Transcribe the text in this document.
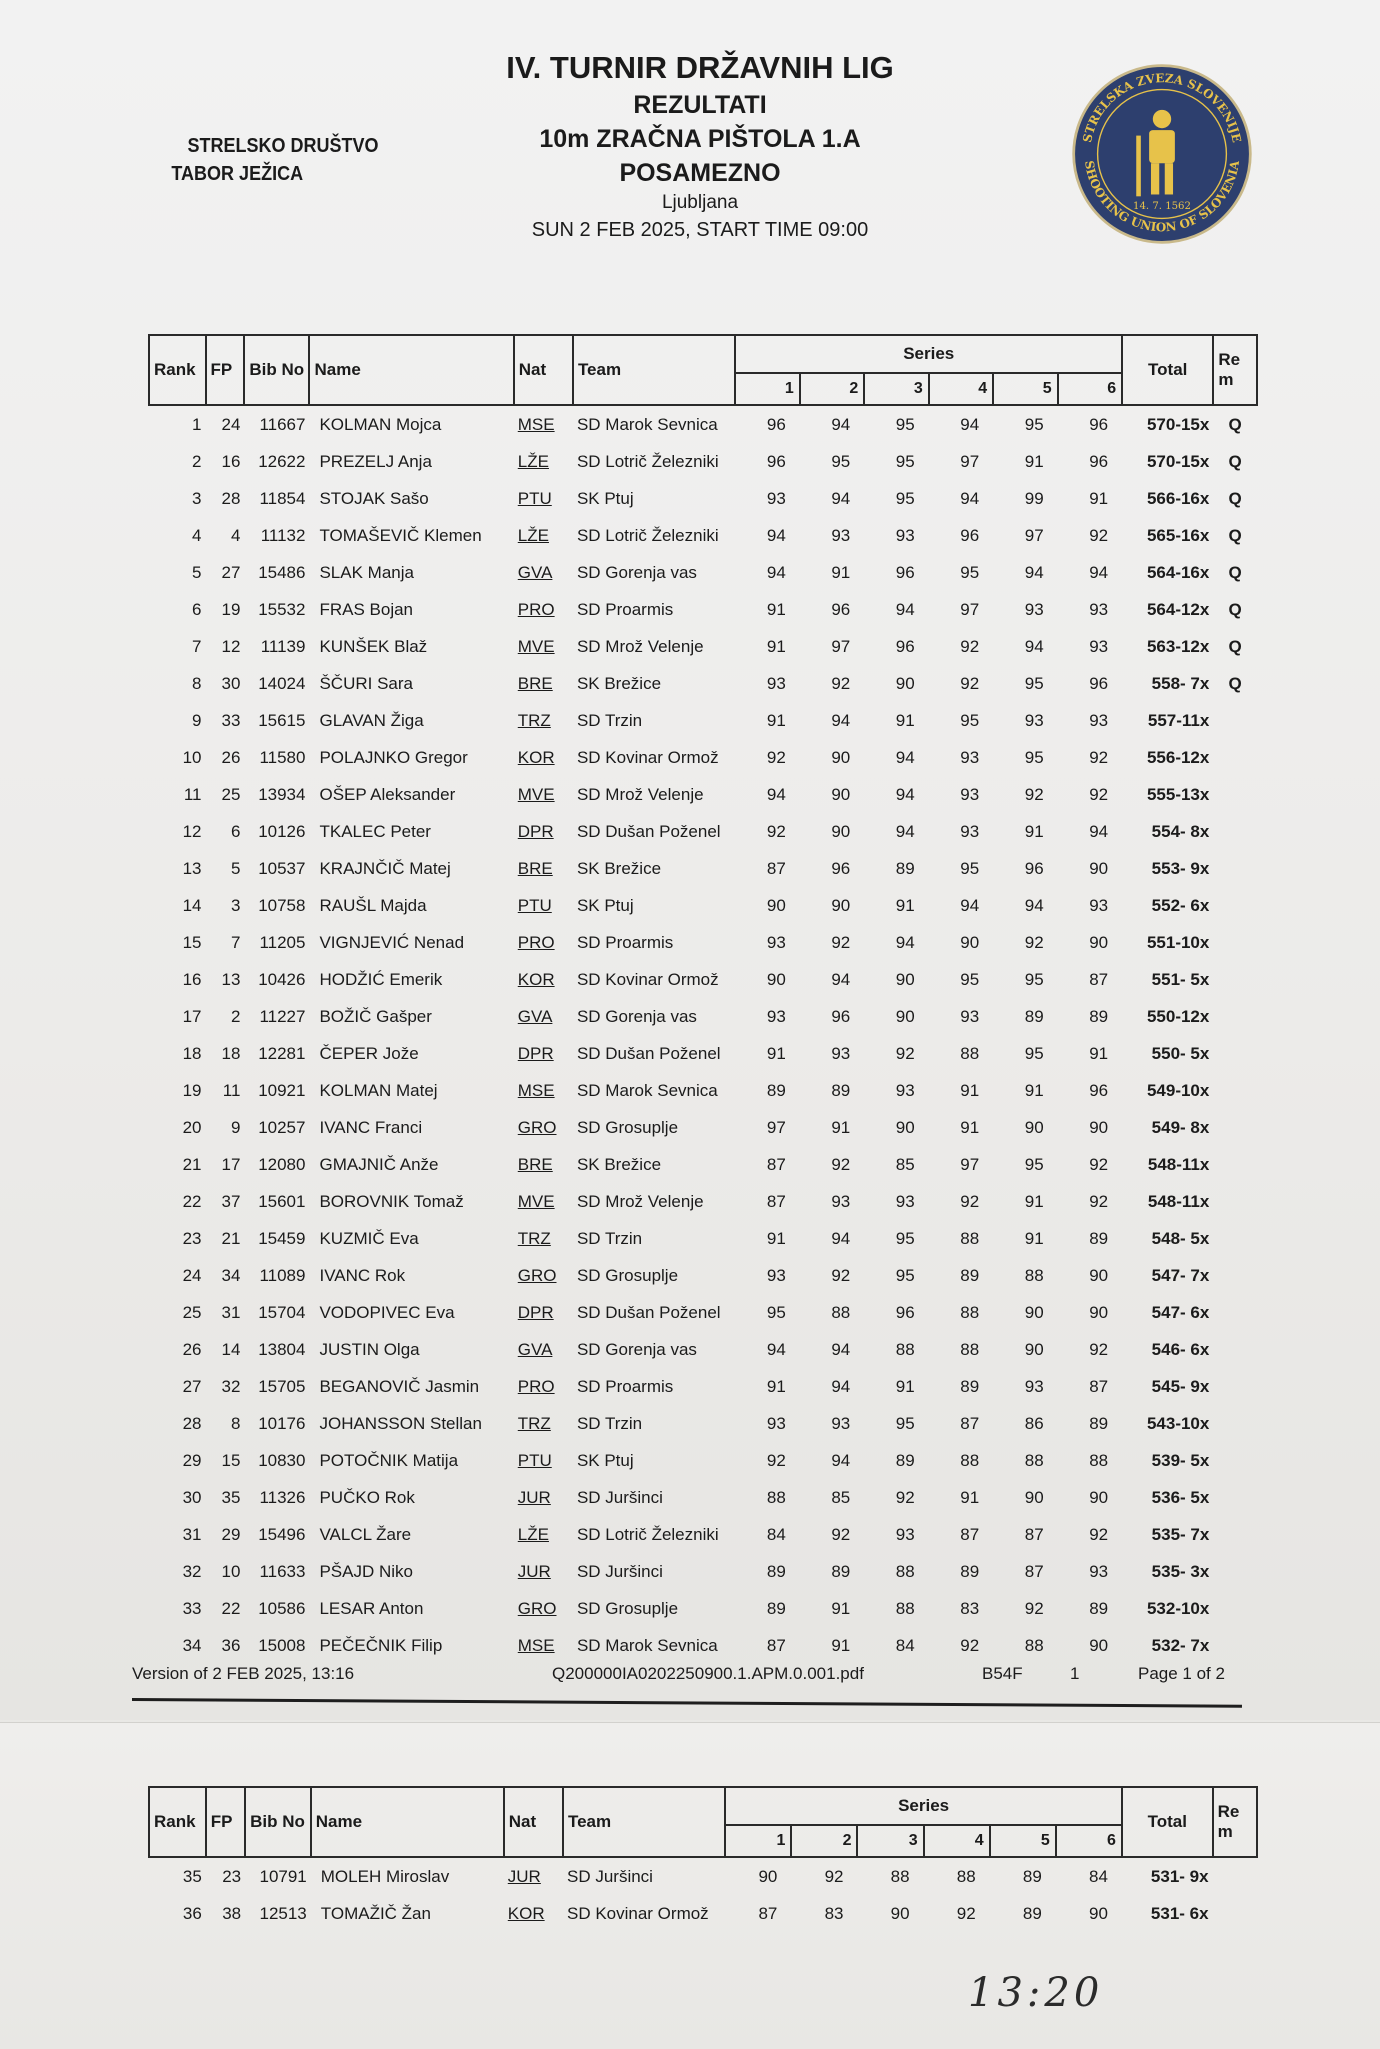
STRELSKO DRUŠTVO
TABOR JEŽICA
IV. TURNIR DRŽAVNIH LIG
REZULTATI
10m ZRAČNA PIŠTOLA 1.A
POSAMEZNO
Ljubljana
SUN 2 FEB 2025, START TIME 09:00
STRELSKA ZVEZA SLOVENIJE
SHOOTING UNION OF SLOVENIA
14. 7. 1562
Rank	FP	Bib No	Name	Nat	Team	Series						Total	Re m
						1	2	3	4	5	6		
1	24	11667	KOLMAN Mojca	MSE	SD Marok Sevnica	96	94	95	94	95	96	570-15x	Q
2	16	12622	PREZELJ Anja	LŽE	SD Lotrič Železniki	96	95	95	97	91	96	570-15x	Q
3	28	11854	STOJAK Sašo	PTU	SK Ptuj	93	94	95	94	99	91	566-16x	Q
4	4	11132	TOMAŠEVIČ Klemen	LŽE	SD Lotrič Železniki	94	93	93	96	97	92	565-16x	Q
5	27	15486	SLAK Manja	GVA	SD Gorenja vas	94	91	96	95	94	94	564-16x	Q
6	19	15532	FRAS Bojan	PRO	SD Proarmis	91	96	94	97	93	93	564-12x	Q
7	12	11139	KUNŠEK Blaž	MVE	SD Mrož Velenje	91	97	96	92	94	93	563-12x	Q
8	30	14024	ŠČURI Sara	BRE	SK Brežice	93	92	90	92	95	96	558- 7x	Q
9	33	15615	GLAVAN Žiga	TRZ	SD Trzin	91	94	91	95	93	93	557-11x	
10	26	11580	POLAJNKO Gregor	KOR	SD Kovinar Ormož	92	90	94	93	95	92	556-12x	
11	25	13934	OŠEP Aleksander	MVE	SD Mrož Velenje	94	90	94	93	92	92	555-13x	
12	6	10126	TKALEC Peter	DPR	SD Dušan Poženel	92	90	94	93	91	94	554- 8x	
13	5	10537	KRAJNČIČ Matej	BRE	SK Brežice	87	96	89	95	96	90	553- 9x	
14	3	10758	RAUŠL Majda	PTU	SK Ptuj	90	90	91	94	94	93	552- 6x	
15	7	11205	VIGNJEVIĆ Nenad	PRO	SD Proarmis	93	92	94	90	92	90	551-10x	
16	13	10426	HODŽIĆ Emerik	KOR	SD Kovinar Ormož	90	94	90	95	95	87	551- 5x	
17	2	11227	BOŽIČ Gašper	GVA	SD Gorenja vas	93	96	90	93	89	89	550-12x	
18	18	12281	ČEPER Jože	DPR	SD Dušan Poženel	91	93	92	88	95	91	550- 5x	
19	11	10921	KOLMAN Matej	MSE	SD Marok Sevnica	89	89	93	91	91	96	549-10x	
20	9	10257	IVANC Franci	GRO	SD Grosuplje	97	91	90	91	90	90	549- 8x	
21	17	12080	GMAJNIČ Anže	BRE	SK Brežice	87	92	85	97	95	92	548-11x	
22	37	15601	BOROVNIK Tomaž	MVE	SD Mrož Velenje	87	93	93	92	91	92	548-11x	
23	21	15459	KUZMIČ Eva	TRZ	SD Trzin	91	94	95	88	91	89	548- 5x	
24	34	11089	IVANC Rok	GRO	SD Grosuplje	93	92	95	89	88	90	547- 7x	
25	31	15704	VODOPIVEC Eva	DPR	SD Dušan Poženel	95	88	96	88	90	90	547- 6x	
26	14	13804	JUSTIN Olga	GVA	SD Gorenja vas	94	94	88	88	90	92	546- 6x	
27	32	15705	BEGANOVIČ Jasmin	PRO	SD Proarmis	91	94	91	89	93	87	545- 9x	
28	8	10176	JOHANSSON Stellan	TRZ	SD Trzin	93	93	95	87	86	89	543-10x	
29	15	10830	POTOČNIK Matija	PTU	SK Ptuj	92	94	89	88	88	88	539- 5x	
30	35	11326	PUČKO Rok	JUR	SD Juršinci	88	85	92	91	90	90	536- 5x	
31	29	15496	VALCL Žare	LŽE	SD Lotrič Železniki	84	92	93	87	87	92	535- 7x	
32	10	11633	PŠAJD Niko	JUR	SD Juršinci	89	89	88	89	87	93	535- 3x	
33	22	10586	LESAR Anton	GRO	SD Grosuplje	89	91	88	83	92	89	532-10x	
34	36	15008	PEČEČNIK Filip	MSE	SD Marok Sevnica	87	91	84	92	88	90	532- 7x	
Version of 2 FEB 2025, 13:16	Q200000IA0202250900.1.APM.0.001.pdf	B54F	1	Page 1 of 2
Rank	FP	Bib No	Name	Nat	Team	Series						Total	Re m
						1	2	3	4	5	6		
35	23	10791	MOLEH Miroslav	JUR	SD Juršinci	90	92	88	88	89	84	531- 9x	
36	38	12513	TOMAŽIČ Žan	KOR	SD Kovinar Ormož	87	83	90	92	89	90	531- 6x	
13:20
